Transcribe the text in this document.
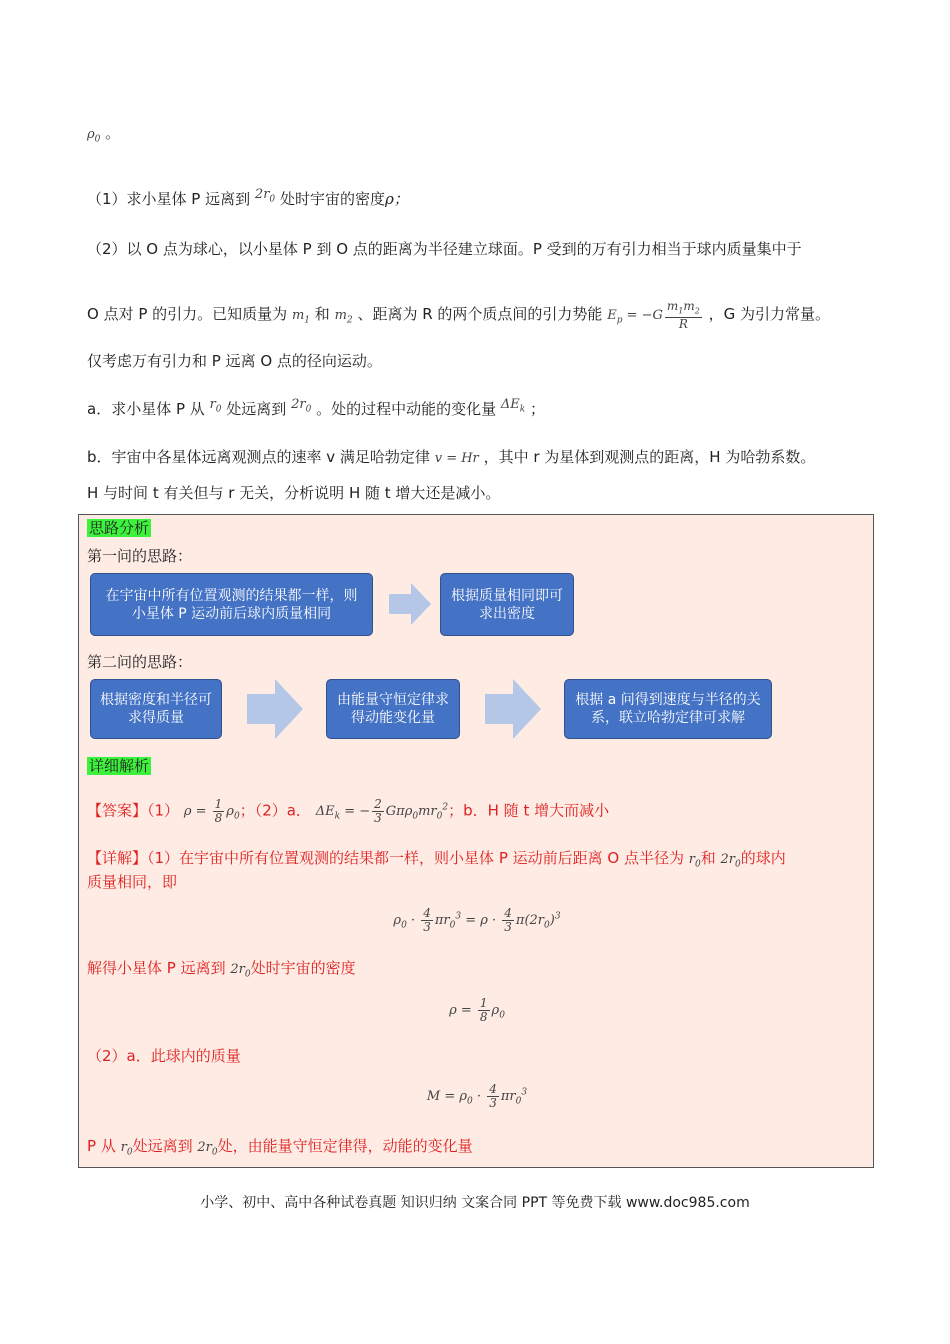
$\rho_0$ 。
（1）求小星体 P 远离到 $2r_0$ 处时宇宙的密度ρ；
（2）以 O 点为球心，以小星体 P 到 O 点的距离为半径建立球面。P 受到的万有引力相当于球内质量集中于
O 点对 P 的引力。已知质量为 $m_1$ 和 $m_2$ 、距离为 R 的两个质点间的引力势能 $E_p = -G \frac{m_1m_2}{R}$ ，G 为引力常量。
仅考虑万有引力和 P 远离 O 点的径向运动。
a．求小星体 P 从 $r_0$ 处远离到 $2r_0$ 。处的过程中动能的变化量 $\Delta E_k$ ；
b．宇宙中各星体远离观测点的速率 v 满足哈勃定律 v = Hr ，其中 r 为星体到观测点的距离，H 为哈勃系数。
H 与时间 t 有关但与 r 无关，分析说明 H 随 t 增大还是减小。
思路分析
第一问的思路：
在宇宙中所有位置观测的结果都一样，则小星体 P 运动前后球内质量相同
根据质量相同即可求出密度
第二问的思路：
根据密度和半径可求得质量
由能量守恒定律求得动能变化量
根据 a 问得到速度与半径的关系，联立哈勃定律可求解
详细解析
【答案】（1） $\rho = \frac{1}{8} \rho_0$；（2）a． $\Delta E_k$ = − $\frac{2}{3} G\pi\rho_0mr_0^2$；b．H 随 t 增大而减小
【详解】（1）在宇宙中所有位置观测的结果都一样，则小星体 P 运动前后距离 O 点半径为 $r_0$和 $2r_0$的球内
质量相同，即
$\rho_0 \cdot \frac{4}{3} \pi r_0^3 = \rho \cdot \frac{4}{3} \pi(2r_0)^3$
解得小星体 P 远离到 $2r_0$处时宇宙的密度
$\rho = \frac{1}{8} \rho_0$
（2）a．此球内的质量
$M = \rho_0 \cdot \frac{4}{3} \pi r_0^3$
P 从 $r_0$处远离到 $2r_0$处，由能量守恒定律得，动能的变化量
小学、初中、高中各种试卷真题 知识归纳 文案合同 PPT 等免费下载 www.doc985.com
